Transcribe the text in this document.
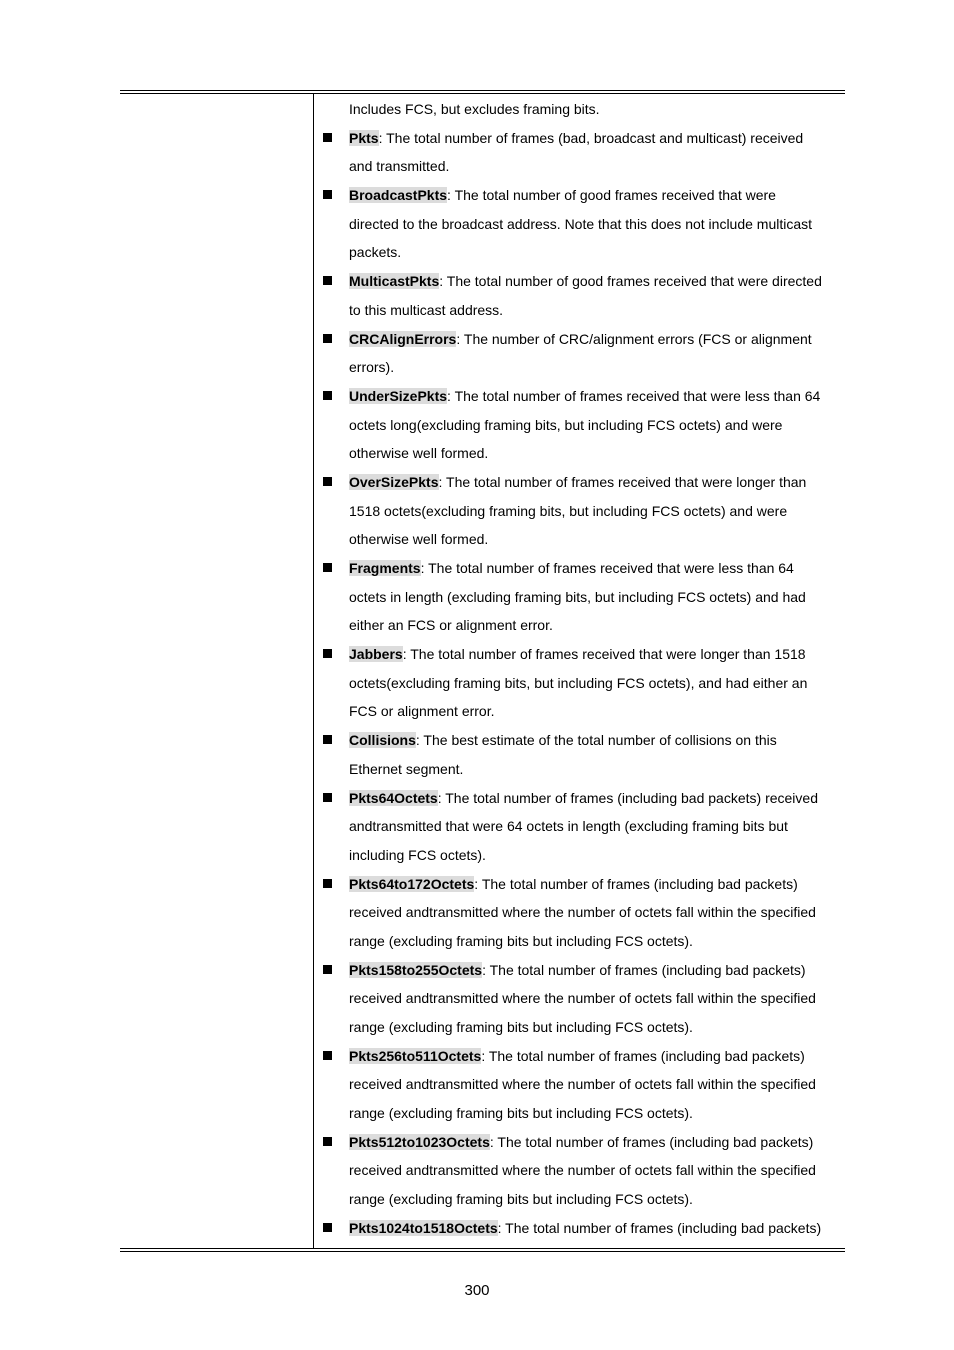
Includes FCS, but excludes framing bits.
Pkts: The total number of frames (bad, broadcast and multicast) received
and transmitted.
BroadcastPkts: The total number of good frames received that were
directed to the broadcast address. Note that this does not include multicast
packets.
MulticastPkts: The total number of good frames received that were directed
to this multicast address.
CRCAlignErrors: The number of CRC/alignment errors (FCS or alignment
errors).
UnderSizePkts: The total number of frames received that were less than 64
octets long(excluding framing bits, but including FCS octets) and were
otherwise well formed.
OverSizePkts: The total number of frames received that were longer than
1518 octets(excluding framing bits, but including FCS octets) and were
otherwise well formed.
Fragments: The total number of frames received that were less than 64
octets in length (excluding framing bits, but including FCS octets) and had
either an FCS or alignment error.
Jabbers: The total number of frames received that were longer than 1518
octets(excluding framing bits, but including FCS octets), and had either an
FCS or alignment error.
Collisions: The best estimate of the total number of collisions on this
Ethernet segment.
Pkts64Octets: The total number of frames (including bad packets) received
andtransmitted that were 64 octets in length (excluding framing bits but
including FCS octets).
Pkts64to172Octets: The total number of frames (including bad packets)
received andtransmitted where the number of octets fall within the specified
range (excluding framing bits but including FCS octets).
Pkts158to255Octets: The total number of frames (including bad packets)
received andtransmitted where the number of octets fall within the specified
range (excluding framing bits but including FCS octets).
Pkts256to511Octets: The total number of frames (including bad packets)
received andtransmitted where the number of octets fall within the specified
range (excluding framing bits but including FCS octets).
Pkts512to1023Octets: The total number of frames (including bad packets)
received andtransmitted where the number of octets fall within the specified
range (excluding framing bits but including FCS octets).
Pkts1024to1518Octets: The total number of frames (including bad packets)
300
